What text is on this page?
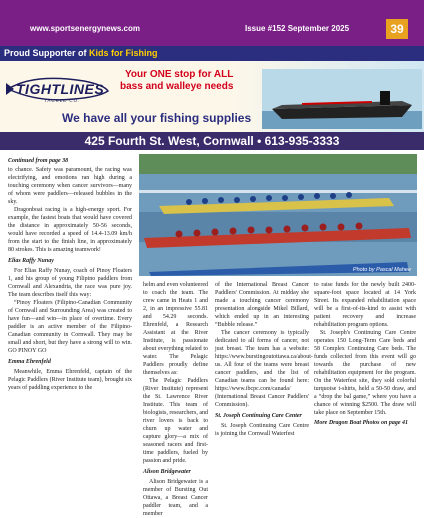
www.sportsenergynews.com	Issue #152 September 2025	39
Proud Supporter of Kids for Fishing
TIGHTLINES
TACKLE CO.
Your ONE stop for ALL
bass and walleye needs
We have all your fishing supplies
425 Fourth St. West, Cornwall • 613-935-3333
Continued from page 38
to chance. Safety was paramount, the racing was electrifying, and emotions ran high during a touching ceremony when cancer survivors—many of whom were paddlers—released bubbles in the sky.
Dragonboat racing is a high-energy sport. For example, the fastest boats that would have covered the distance in approximately 50-56 seconds, would have recorded a speed of 14.4-13.09 km/h from the start to the finish line, in approximately 80 strokes. This is amazing teamwork!
Elias Raffy Nunay
For Elias Raffy Nunay, coach of Pinoy Floaters 1, and his group of young Filipino paddlers from Cornwall and Alexandria, the race was pure joy. The team describes itself this way:
“Pinoy Floaters (Filipino-Canadian Community of Cornwall and Surrounding Area) was created to have fun—and win—in place of overtime. Every paddler is an active member of the Filipino-Canadian community in Cornwall. They may be small and short, but they have a strong will to win. GO PINOY GO
Emma Ehrenfeld
Meanwhile, Emma Ehrenfeld, captain of the Pelagic Paddlers (River Institute team), brought six years of paddling experience to the
Photo by Pascal Mahee
helm and even volunteered to coach the team. The crew came in Heats 1 and 2, in an impressive 55.81 and 54.29 seconds. Ehrenfeld, a Research Assistant at the River Institute, is passionate about everything related to water. The Pelagic Paddlers proudly define themselves as:
The Pelagic Paddlers (River Institute) represent the St. Lawrence River Institute. This team of biologists, researchers, and river lovers is back to churn up water and capture glory—a mix of seasoned racers and first-time paddlers, fueled by passion and pride.
Alison Bridgewater
Alison Bridgewater is a member of Bursting Out Ottawa, a Breast Cancer paddler team, and a member
of the International Breast Cancer Paddlers' Commission. At midday she made a touching cancer ceremony presentation alongside Mikel Billard, which ended up in an interesting “Bubble release.”
The cancer ceremony is typically dedicated to all forms of cancer, not just breast. The team has a website: https://www.burstingoutottawa.ca/about-us. All four of the teams were breast cancer paddlers, and the list of Canadian teams can be found here: https://www.ibcpc.com/canada/ (International Breast Cancer Paddlers' Commission).
St. Joseph Continuing Care Center
St. Joseph Continuing Care Centre is joining the Cornwall Waterfest
to raise funds for the newly built 2400-square-foot space located at 14 York Street. Its expanded rehabilitation space will be a first-of-its-kind to assist with patient recovery and increase rehabilitation program options.
St. Joseph's Continuing Care Centre operates 150 Long-Term Care beds and 58 Complex Continuing Care beds. The funds collected from this event will go towards the purchase of new rehabilitation equipment for the program. On the Waterfest site, they sold colorful turquoise t-shirts, held a 50-50 draw, and a “drop the bal game,” where you have a chance of winning $2500. The draw will take place on September 15th.
More Dragon Boat Photos on page 41
